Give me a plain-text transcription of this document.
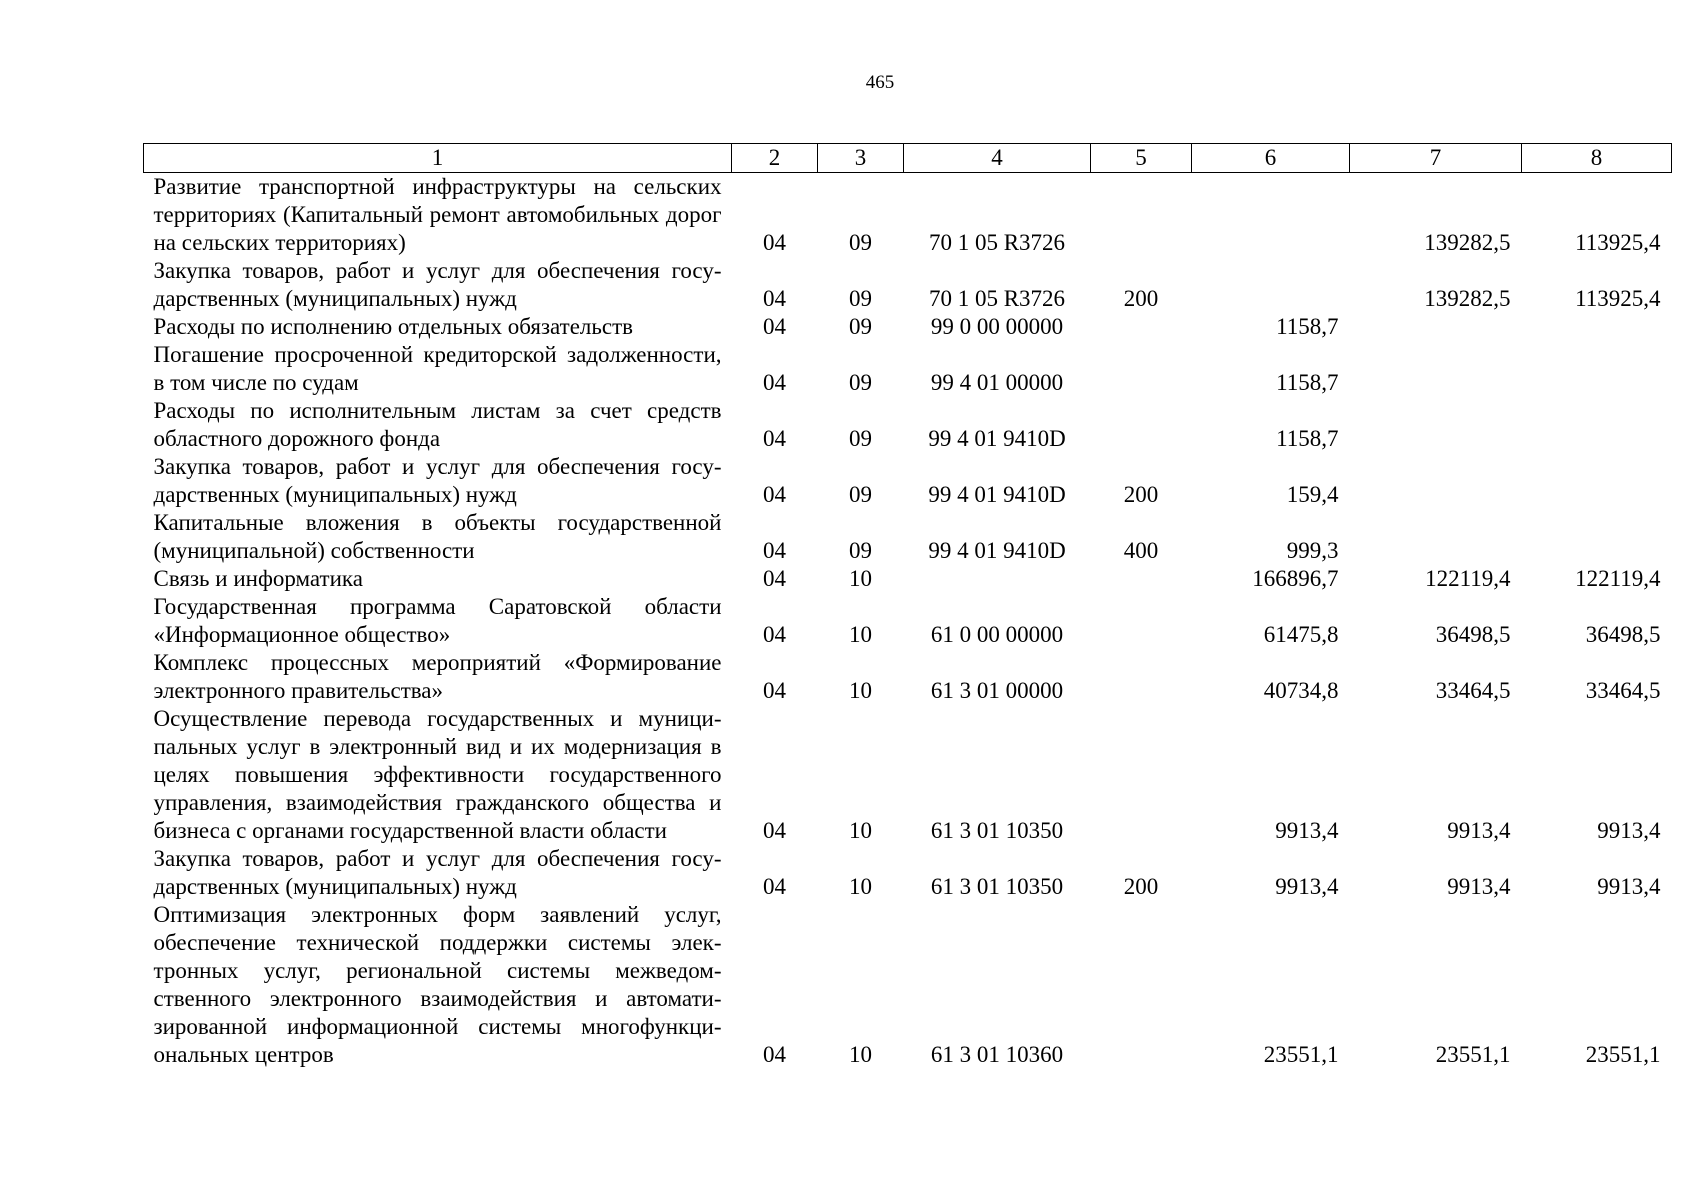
465
1	2	3	4	5	6	7	8
Развитие транспортной инфраструктуры на сельских территориях (Капитальный ремонт автомобильных дорог на сельских территориях)	04	09	70 1 05 R3726			139282,5	113925,4
Закупка товаров, работ и услуг для обеспечения государственных (муниципальных) нужд	04	09	70 1 05 R3726	200		139282,5	113925,4
Расходы по исполнению отдельных обязательств	04	09	99 0 00 00000		1158,7		
Погашение просроченной кредиторской задолженности, в том числе по судам	04	09	99 4 01 00000		1158,7		
Расходы по исполнительным листам за счет средств областного дорожного фонда	04	09	99 4 01 9410D		1158,7		
Закупка товаров, работ и услуг для обеспечения государственных (муниципальных) нужд	04	09	99 4 01 9410D	200	159,4		
Капитальные вложения в объекты государственной (муниципальной) собственности	04	09	99 4 01 9410D	400	999,3		
Связь и информатика	04	10			166896,7	122119,4	122119,4
Государственная программа Саратовской области «Информационное общество»	04	10	61 0 00 00000		61475,8	36498,5	36498,5
Комплекс процессных мероприятий «Формирование электронного правительства»	04	10	61 3 01 00000		40734,8	33464,5	33464,5
Осуществление перевода государственных и муниципальных услуг в электронный вид и их модернизация в целях повышения эффективности государственного управления, взаимодействия гражданского общества и бизнеса с органами государственной власти области	04	10	61 3 01 10350		9913,4	9913,4	9913,4
Закупка товаров, работ и услуг для обеспечения государственных (муниципальных) нужд	04	10	61 3 01 10350	200	9913,4	9913,4	9913,4
Оптимизация электронных форм заявлений услуг, обеспечение технической поддержки системы электронных услуг, региональной системы межведомственного электронного взаимодействия и автоматизированной информационной системы многофункциональных центров	04	10	61 3 01 10360		23551,1	23551,1	23551,1
